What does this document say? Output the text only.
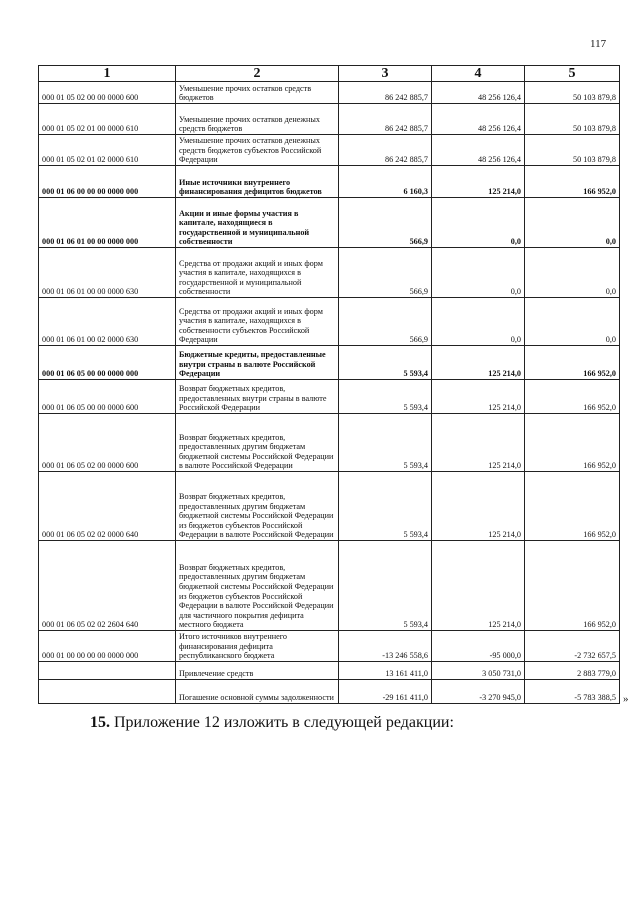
117
1	2	3	4	5
000 01 05 02 00 00 0000 600	Уменьшение прочих остатков средств бюджетов	86 242 885,7	48 256 126,4	50 103 879,8
000 01 05 02 01 00 0000 610	Уменьшение прочих остатков денежных средств бюджетов	86 242 885,7	48 256 126,4	50 103 879,8
000 01 05 02 01 02 0000 610	Уменьшение прочих остатков денежных средств бюджетов субъектов Российской Федерации	86 242 885,7	48 256 126,4	50 103 879,8
000 01 06 00 00 00 0000 000	Иные источники внутреннего финансирования дефицитов бюджетов	6 160,3	125 214,0	166 952,0
000 01 06 01 00 00 0000 000	Акции и иные формы участия в капитале, находящиеся в государственной и муниципальной собственности	566,9	0,0	0,0
000 01 06 01 00 00 0000 630	Средства от продажи акций и иных форм участия в капитале, находящихся в государственной и муниципальной собственности	566,9	0,0	0,0
000 01 06 01 00 02 0000 630	Средства от продажи акций и иных форм участия в капитале, находящихся в собственности субъектов Российской Федерации	566,9	0,0	0,0
000 01 06 05 00 00 0000 000	Бюджетные кредиты, предоставленные внутри страны в валюте Российской Федерации	5 593,4	125 214,0	166 952,0
000 01 06 05 00 00 0000 600	Возврат бюджетных кредитов, предоставленных внутри страны в валюте Российской Федерации	5 593,4	125 214,0	166 952,0
000 01 06 05 02 00 0000 600	Возврат бюджетных кредитов, предоставленных другим бюджетам бюджетной системы Российской Федерации в валюте Российской Федерации	5 593,4	125 214,0	166 952,0
000 01 06 05 02 02 0000 640	Возврат бюджетных кредитов, предоставленных другим бюджетам бюджетной системы Российской Федерации из бюджетов субъектов Российской Федерации в валюте Российской Федерации	5 593,4	125 214,0	166 952,0
000 01 06 05 02 02 2604 640	Возврат бюджетных кредитов, предоставленных другим бюджетам бюджетной системы Российской Федерации из бюджетов субъектов Российской Федерации в валюте Российской Федерации для частичного покрытия дефицита местного бюджета	5 593,4	125 214,0	166 952,0
000 01 00 00 00 00 0000 000	Итого источников внутреннего финансирования дефицита республиканского бюджета	-13 246 558,6	-95 000,0	-2 732 657,5
	Привлечение средств	13 161 411,0	3 050 731,0	2 883 779,0
	Погашение основной суммы задолженности	-29 161 411,0	-3 270 945,0	-5 783 388,5 »
15. Приложение 12 изложить в следующей редакции:
